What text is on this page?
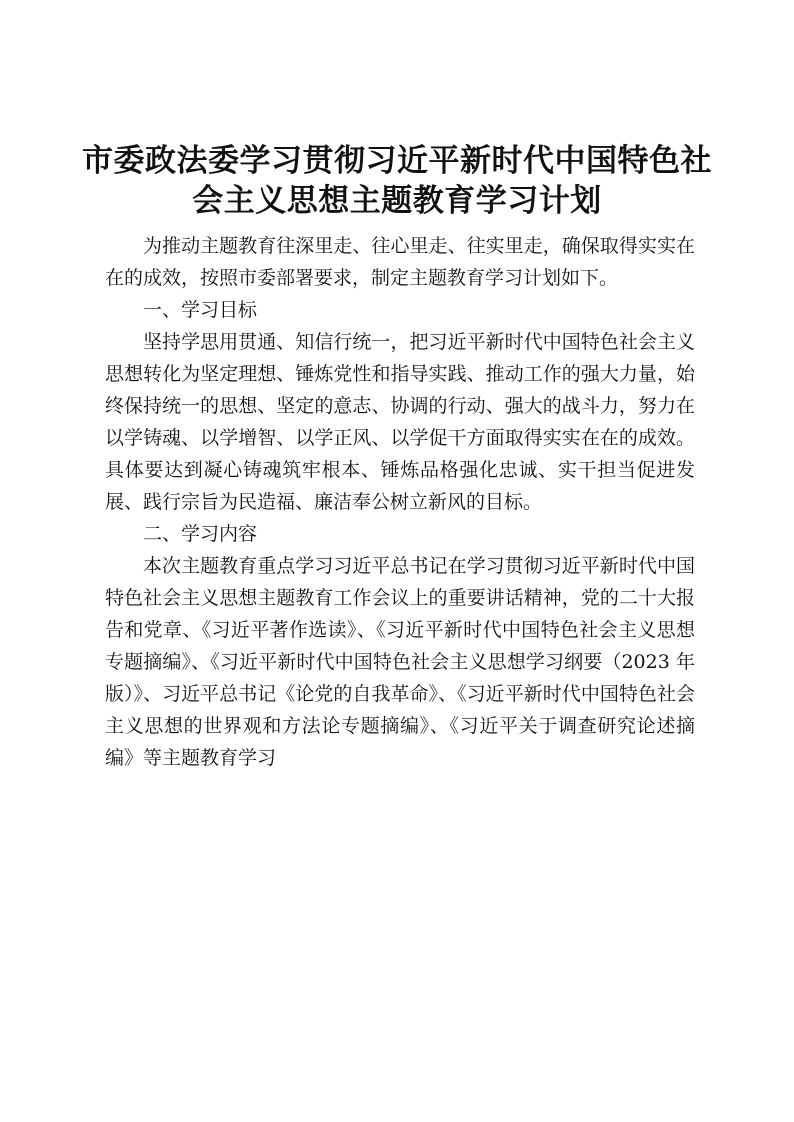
市委政法委学习贯彻习近平新时代中国特色社
会主义思想主题教育学习计划

为推动主题教育往深里走、往心里走、往实里走，确保取得实实在在的成效，按照市委部署要求，制定主题教育学习计划如下。

一、学习目标

坚持学思用贯通、知信行统一，把习近平新时代中国特色社会主义思想转化为坚定理想、锤炼党性和指导实践、推动工作的强大力量，始终保持统一的思想、坚定的意志、协调的行动、强大的战斗力，努力在以学铸魂、以学增智、以学正风、以学促干方面取得实实在在的成效。具体要达到凝心铸魂筑牢根本、锤炼品格强化忠诚、实干担当促进发展、践行宗旨为民造福、廉洁奉公树立新风的目标。

二、学习内容

本次主题教育重点学习习近平总书记在学习贯彻习近平新时代中国特色社会主义思想主题教育工作会议上的重要讲话精神，党的二十大报告和党章、《习近平著作选读》、《习近平新时代中国特色社会主义思想专题摘编》、《习近平新时代中国特色社会主义思想学习纲要（2023 年版）》、习近平总书记《论党的自我革命》、《习近平新时代中国特色社会主义思想的世界观和方法论专题摘编》、《习近平关于调查研究论述摘编》等主题教育学习
